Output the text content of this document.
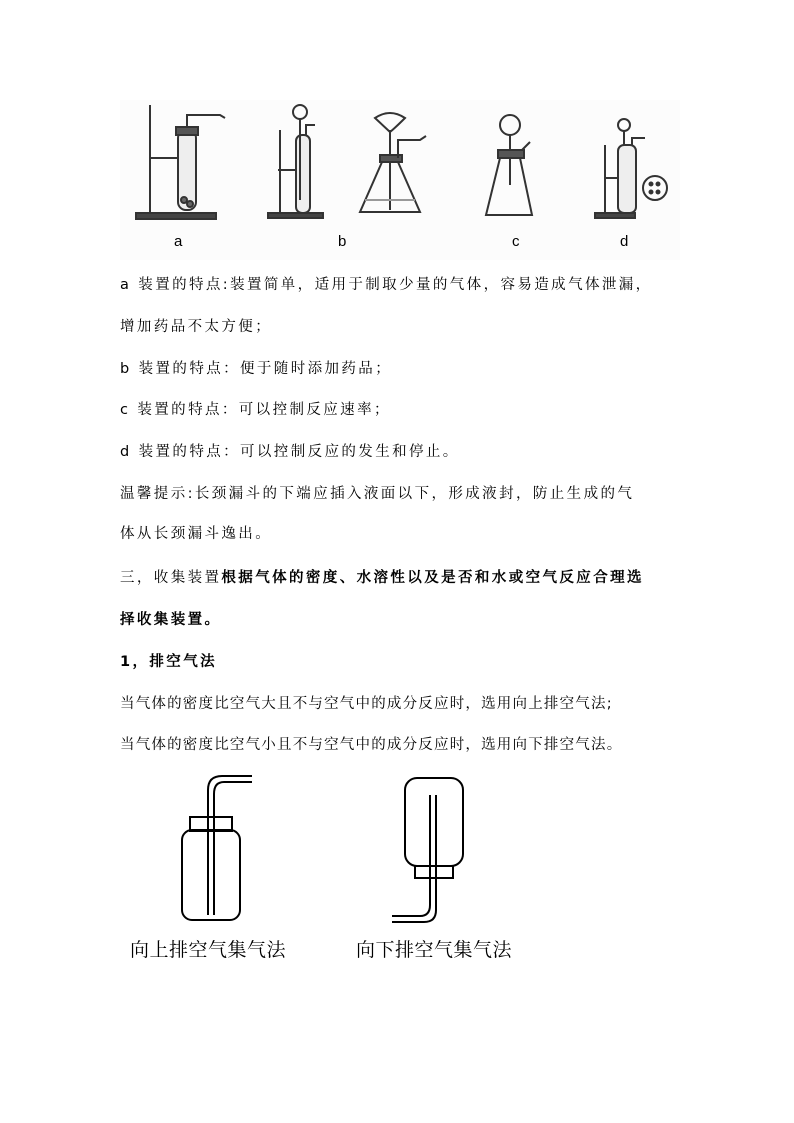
a	b	c	d
a 装置的特点:装置简单，适用于制取少量的气体，容易造成气体泄漏，
增加药品不太方便；
b 装置的特点：便于随时添加药品；
c 装置的特点：可以控制反应速率；
d 装置的特点：可以控制反应的发生和停止。
温馨提示:长颈漏斗的下端应插入液面以下，形成液封，防止生成的气
体从长颈漏斗逸出。
三，收集装置根据气体的密度、水溶性以及是否和水或空气反应合理选
择收集装置。
1，排空气法
当气体的密度比空气大且不与空气中的成分反应时，选用向上排空气法;
当气体的密度比空气小且不与空气中的成分反应时，选用向下排空气法。
向上排空气集气法	向下排空气集气法
